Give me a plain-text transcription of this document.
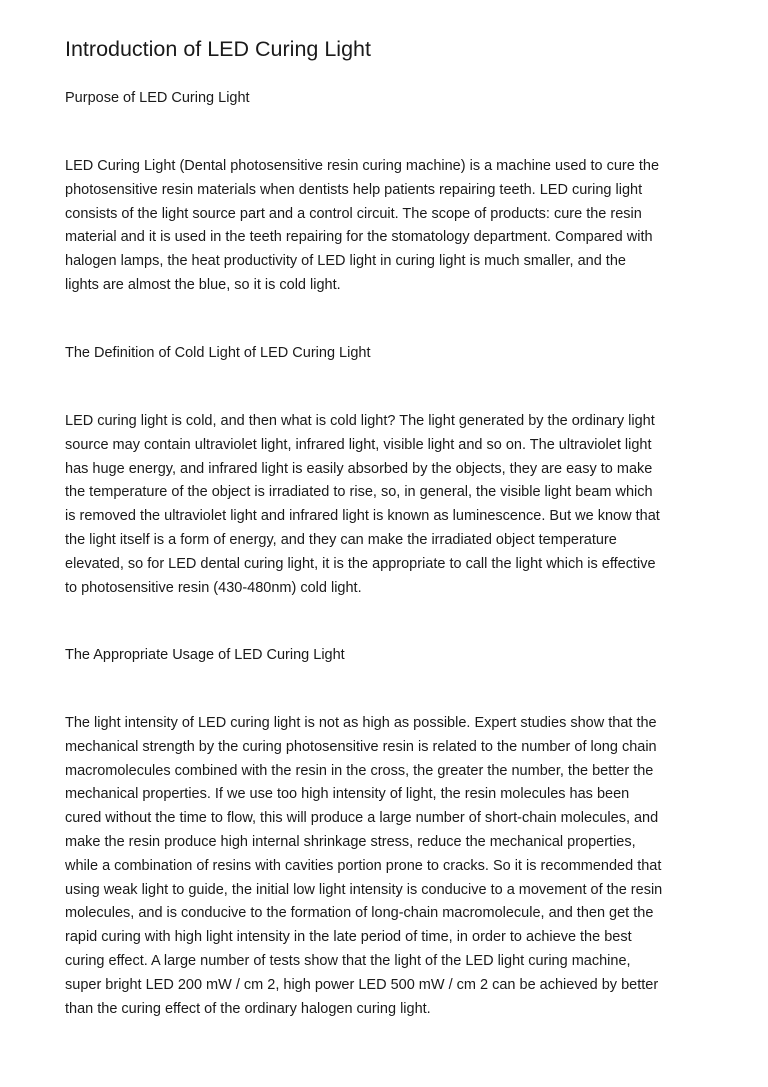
Introduction of LED Curing Light
Purpose of LED Curing Light
LED Curing Light (Dental photosensitive resin curing machine) is a machine used to cure the
photosensitive resin materials when dentists help patients repairing teeth. LED curing light
consists of the light source part and a control circuit. The scope of products: cure the resin
material and it is used in the teeth repairing for the stomatology department. Compared with
halogen lamps, the heat productivity of LED light in curing light is much smaller, and the
lights are almost the blue, so it is cold light.
The Definition of Cold Light of LED Curing Light
LED curing light is cold, and then what is cold light? The light generated by the ordinary light
source may contain ultraviolet light, infrared light, visible light and so on. The ultraviolet light
has huge energy, and infrared light is easily absorbed by the objects, they are easy to make
the temperature of the object is irradiated to rise, so, in general, the visible light beam which
is removed the ultraviolet light and infrared light is known as luminescence. But we know that
the light itself is a form of energy, and they can make the irradiated object temperature
elevated, so for LED dental curing light, it is the appropriate to call the light which is effective
to photosensitive resin (430-480nm) cold light.
The Appropriate Usage of LED Curing Light
The light intensity of LED curing light is not as high as possible. Expert studies show that the
mechanical strength by the curing photosensitive resin is related to the number of long chain
macromolecules combined with the resin in the cross, the greater the number, the better the
mechanical properties. If we use too high intensity of light, the resin molecules has been
cured without the time to flow, this will produce a large number of short-chain molecules, and
make the resin produce high internal shrinkage stress, reduce the mechanical properties,
while a combination of resins with cavities portion prone to cracks. So it is recommended that
using weak light to guide, the initial low light intensity is conducive to a movement of the resin
molecules, and is conducive to the formation of long-chain macromolecule, and then get the
rapid curing with high light intensity in the late period of time, in order to achieve the best
curing effect. A large number of tests show that the light of the LED light curing machine,
super bright LED 200 mW / cm 2, high power LED 500 mW / cm 2 can be achieved by better
than the curing effect of the ordinary halogen curing light.
